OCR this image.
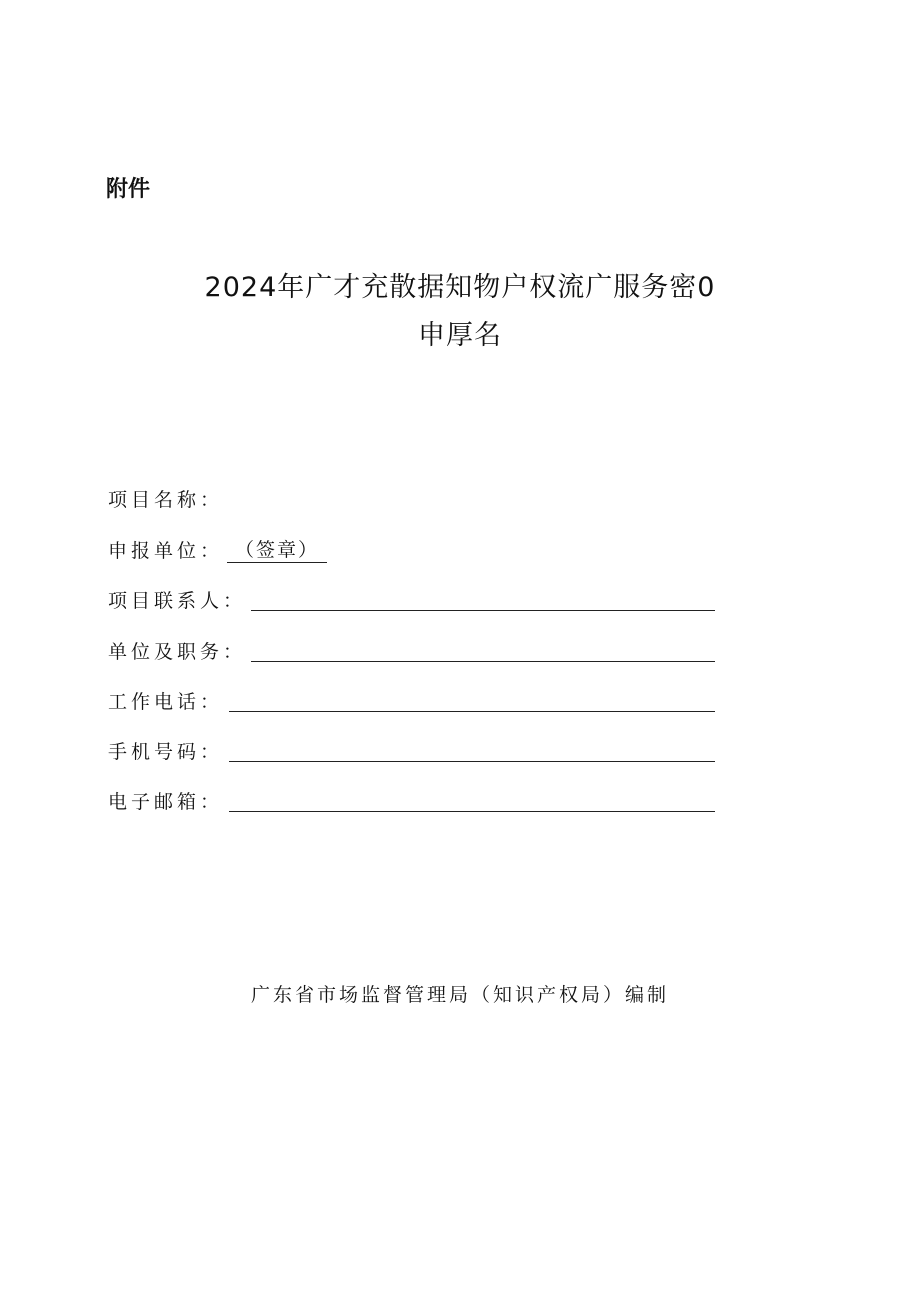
附件
2024年广才充散据知物户权流广服务密0
申厚名
项目名称：
申报单位： （签章）
项目联系人：
单位及职务：
工作电话：
手机号码：
电子邮箱：
广东省市场监督管理局（知识产权局）编制
